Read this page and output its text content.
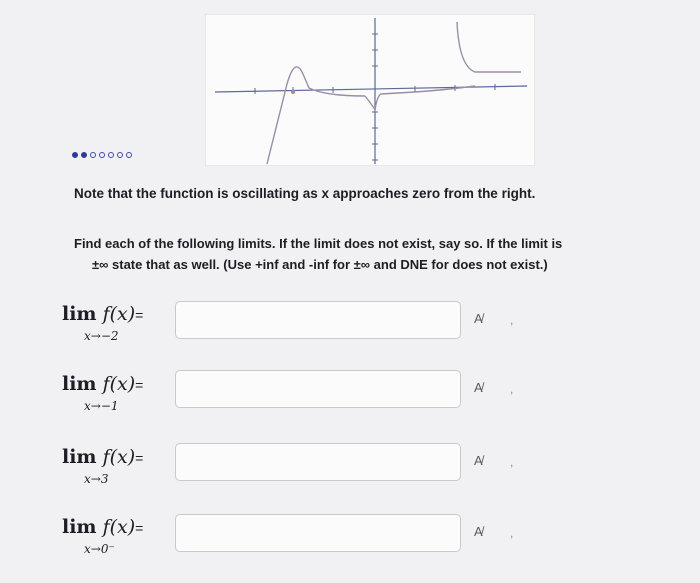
Note that the function is oscillating as x approaches zero from the right.
Find each of the following limits. If the limit does not exist, say so. If the limit is
±∞ state that as well. (Use +inf and -inf for ±∞ and DNE for does not exist.)
lim f(x)=
x→−2
A̸ ,
lim f(x)=
x→−1
A̸ ,
lim f(x)=
x→3
A̸ ,
lim f(x)=
x→0⁻
A̸ ,
